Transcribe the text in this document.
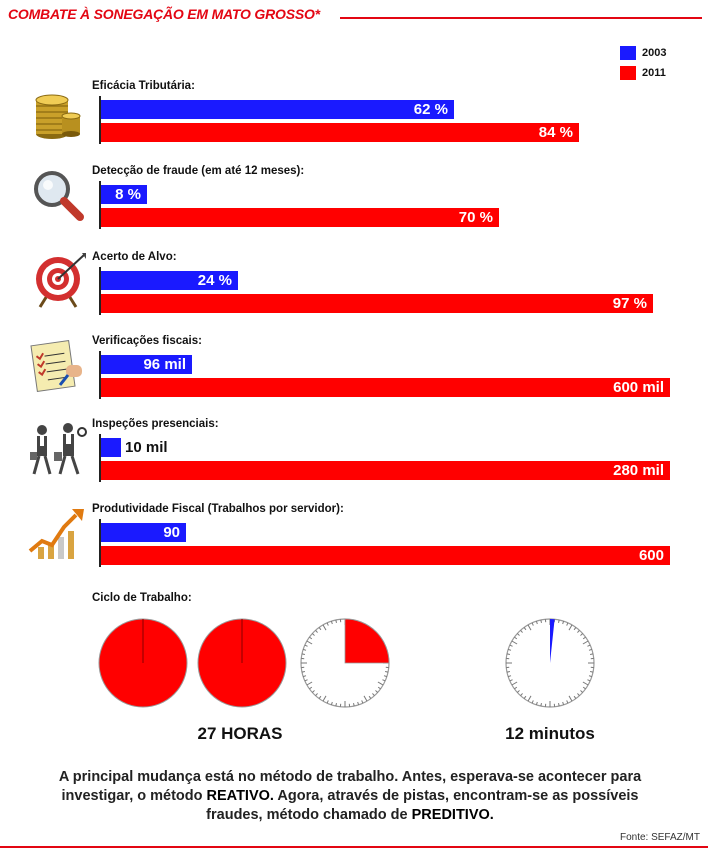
COMBATE À SONEGAÇÃO EM MATO GROSSO*
2003
2011
Eficácia Tributária:
62 %
84 %
Detecção de fraude (em até 12 meses):
8 %
70 %
Acerto de Alvo:
24 %
97 %
Verificações fiscais:
96 mil
600 mil
Inspeções presenciais:
10 mil
280 mil
Produtividade Fiscal (Trabalhos por servidor):
90
600
Ciclo de Trabalho:
27 HORAS	12 minutos
A principal mudança está no método de trabalho. Antes, esperava-se acontecer para investigar, o método REATIVO. Agora, através de pistas, encontram-se as possíveis fraudes, método chamado de PREDITIVO.
Fonte: SEFAZ/MT
